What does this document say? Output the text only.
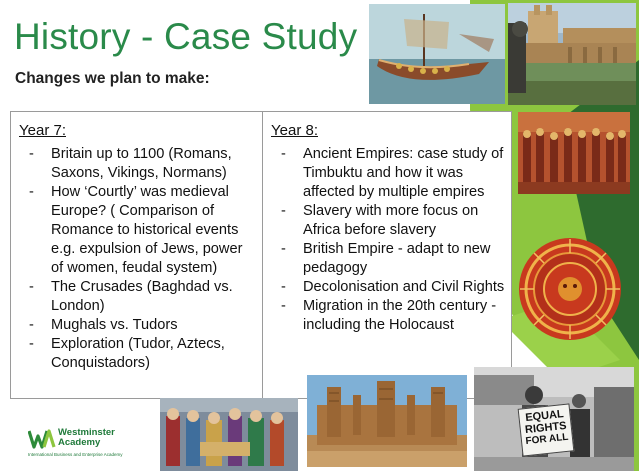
History - Case Study
Changes we plan to make:
Year 7:
- Britain up to 1100 (Romans, Saxons, Vikings, Normans)
- How ‘Courtly’ was medieval Europe? ( Comparison of Romance to historical events e.g. expulsion of Jews, power of women, feudal system)
- The Crusades (Baghdad vs. London)
- Mughals vs. Tudors
- Exploration (Tudor, Aztecs, Conquistadors)
Year 8:
- Ancient Empires: case study of Timbuktu and how it was affected by multiple empires
- Slavery with more focus on Africa before slavery
- British Empire - adapt to new pedagogy
- Decolonisation and Civil Rights
- Migration in the 20th century - including the Holocaust
EQUAL
RIGHTS
FOR ALL
Westminster Academy
International Business and Enterprise Academy
